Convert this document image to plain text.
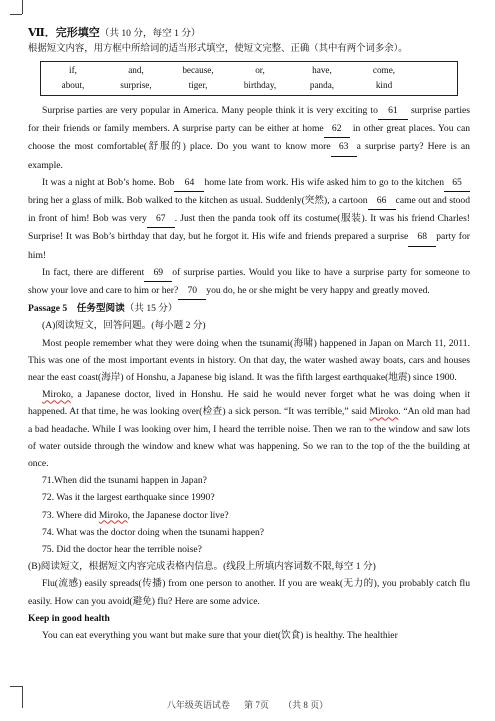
Ⅶ．完形填空（共 10 分，每空 1 分）
根据短文内容，用方框中所给词的适当形式填空，使短文完整、正确（其中有两个词多余）。
if,	and,	because,	or,	have,	come,
about,	surprise,	tiger,	birthday,	panda,	kind

Surprise parties are very popular in America. Many people think it is very exciting to 61 surprise parties for their friends or family members. A surprise party can be either at home 62 in other great places. You can choose the most comfortable(舒服的) place. Do you want to know more 63 a surprise party? Here is an example.

It was a night at Bob’s home. Bob 64 home late from work. His wife asked him to go to the kitchen 65bring her a glass of milk. Bob walked to the kitchen as usual. Suddenly(突然), a cartoon 66 came out and stood in front of him! Bob was very 67 . Just then the panda took off its costume(服装). It was his friend Charles! Surprise! It was Bob’s birthday that day, but he forgot it. His wife and friends prepared a surprise 68 party for him!

In fact, there are different 69 of surprise parties. Would you like to have a surprise party for someone to show your love and care to him or her? 70 you do, he or she might be very happy and greatly moved.

Passage 5　任务型阅读（共 15 分）

(A)阅读短文，回答问题。(每小题 2 分)

Most people remember what they were doing when the tsunami(海啸) happened in Japan on March 11, 2011. This was one of the most important events in history. On that day, the water washed away boats, cars and houses near the east coast(海岸) of Honshu, a Japanese big island. It was the fifth largest earthquake(地震) since 1900.

Miroko, a Japanese doctor, lived in Honshu. He said he would never forget what he was doing when it happened. At that time, he was looking over(检查) a sick person. “It was terrible,” said Miroko. “An old man had a bad headache. While I was looking over him, I heard the terrible noise. Then we ran to the window and saw lots of water outside through the window and knew what was happening. So we ran to the top of the the building at once.

71.When did the tsunami happen in Japan?

72. Was it the largest earthquake since 1990?

73. Where did Miroko, the Japanese doctor live?

74. What was the doctor doing when the tsunami happen?

75. Did the doctor hear the terrible noise?

(B)阅读短文，根据短文内容完成表格内信息。(线段上所填内容词数不限,每空 1 分)

Flu(流感) easily spreads(传播) from one person to another. If you are weak(无力的), you probably catch flu easily. How can you avoid(避免) flu? Here are some advice.

Keep in good health

You can eat everything you want but make sure that your diet(饮食) is healthy. The healthier

八年级英语试卷 第 7页 （共 8 页）
